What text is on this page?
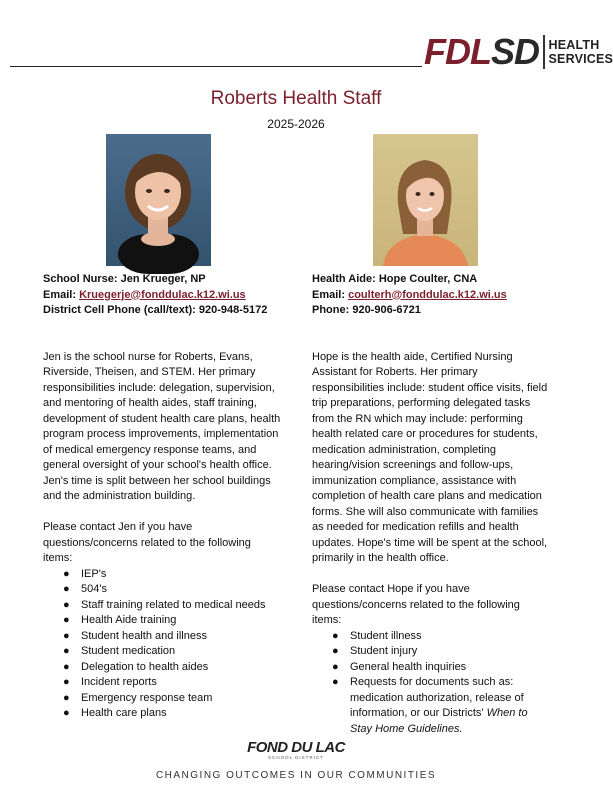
FDLSD HEALTH
SERVICES
Roberts Health Staff
2025-2026

School Nurse: Jen Krueger, NP

Email: Kruegerje@fonddulac.k12.wi.us

District Cell Phone (call/text): 920-948-5172

Jen is the school nurse for Roberts, Evans, Riverside, Theisen, and STEM. Her primary responsibilities include: delegation, supervision, and mentoring of health aides, staff training, development of student health care plans, health program process improvements, implementation of medical emergency response teams, and general oversight of your school's health office.

Jen's time is split between her school buildings and the administration building.

Please contact Jen if you have questions/concerns related to the following items:

● IEP's
● 504's
● Staff training related to medical needs
● Health Aide training
● Student health and illness
● Student medication
● Delegation to health aides
● Incident reports
● Emergency response team
● Health care plans

Health Aide: Hope Coulter, CNA

Email: coulterh@fonddulac.k12.wi.us

Phone: 920-906-6721

Hope is the health aide, Certified Nursing Assistant for Roberts. Her primary responsibilities include: student office visits, field trip preparations, performing delegated tasks from the RN which may include: performing health related care or procedures for students, medication administration, completing hearing/vision screenings and follow-ups, immunization compliance, assistance with completion of health care plans and medication forms. She will also communicate with families as needed for medication refills and health updates. Hope's time will be spent at the school, primarily in the health office.

Please contact Hope if you have questions/concerns related to the following items:

● Student illness
● Student injury
● General health inquiries
● Requests for documents such as: medication authorization, release of information, or our Districts' When to Stay Home Guidelines.
FOND DU LAC
SCHOOL DISTRICT
CHANGING OUTCOMES IN OUR COMMUNITIES
